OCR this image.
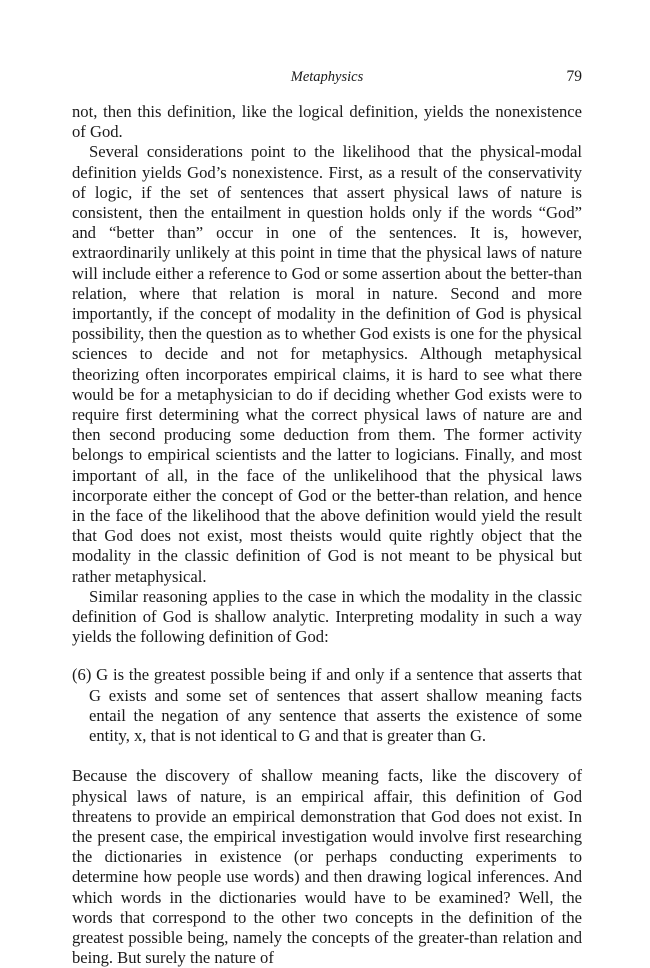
Metaphysics	79

not, then this definition, like the logical definition, yields the nonexistence of God.

Several considerations point to the likelihood that the physical-modal definition yields God’s nonexistence. First, as a result of the conservativity of logic, if the set of sentences that assert physical laws of nature is consistent, then the entailment in question holds only if the words “God” and “better than” occur in one of the sentences. It is, however, extraordinarily unlikely at this point in time that the physical laws of nature will include either a reference to God or some assertion about the better-than relation, where that relation is moral in nature. Second and more importantly, if the concept of modality in the definition of God is physical possibility, then the question as to whether God exists is one for the physical sciences to decide and not for metaphysics. Although metaphysical theorizing often incorporates empirical claims, it is hard to see what there would be for a metaphysician to do if deciding whether God exists were to require first determining what the correct physical laws of nature are and then second producing some deduction from them. The former activity belongs to empirical scientists and the latter to logicians. Finally, and most important of all, in the face of the unlikelihood that the physical laws incorporate either the concept of God or the better-than relation, and hence in the face of the likelihood that the above definition would yield the result that God does not exist, most theists would quite rightly object that the modality in the classic definition of God is not meant to be physical but rather metaphysical.

Similar reasoning applies to the case in which the modality in the classic definition of God is shallow analytic. Interpreting modality in such a way yields the following definition of God:

(6) G is the greatest possible being if and only if a sentence that asserts that G exists and some set of sentences that assert shallow meaning facts entail the negation of any sentence that asserts the existence of some entity, x, that is not identical to G and that is greater than G.

Because the discovery of shallow meaning facts, like the discovery of physical laws of nature, is an empirical affair, this definition of God threatens to provide an empirical demonstration that God does not exist. In the present case, the empirical investigation would involve first researching the dictionaries in existence (or perhaps conducting experiments to determine how people use words) and then drawing logical inferences. And which words in the dictionaries would have to be examined? Well, the words that correspond to the other two concepts in the definition of the greatest possible being, namely the concepts of the greater-than relation and being. But surely the nature of
